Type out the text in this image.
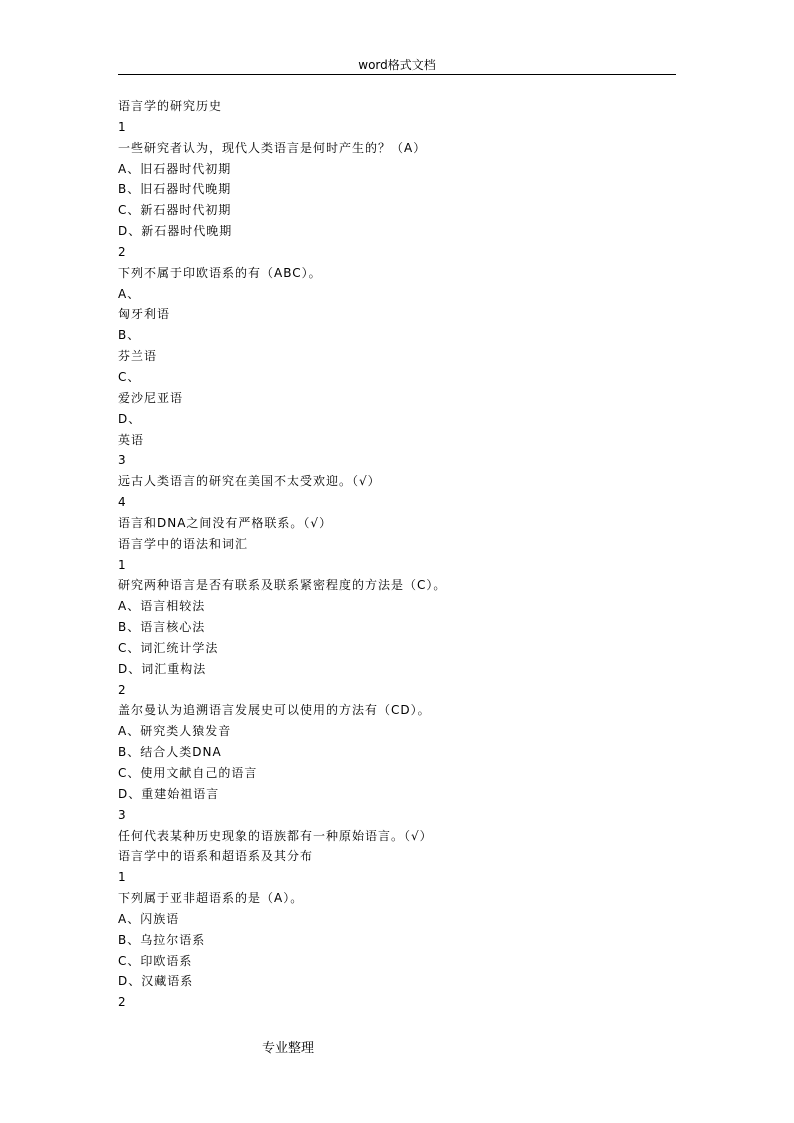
word格式文档
语言学的研究历史
1
一些研究者认为，现代人类语言是何时产生的？（A）
A、旧石器时代初期
B、旧石器时代晚期
C、新石器时代初期
D、新石器时代晚期
2
下列不属于印欧语系的有（ABC）。
A、
匈牙利语
B、
芬兰语
C、
爱沙尼亚语
D、
英语
3
远古人类语言的研究在美国不太受欢迎。（√）
4
语言和DNA之间没有严格联系。（√）
语言学中的语法和词汇
1
研究两种语言是否有联系及联系紧密程度的方法是（C）。
A、语言相较法
B、语言核心法
C、词汇统计学法
D、词汇重构法
2
盖尔曼认为追溯语言发展史可以使用的方法有（CD）。
A、研究类人猿发音
B、结合人类DNA
C、使用文献自己的语言
D、重建始祖语言
3
任何代表某种历史现象的语族都有一种原始语言。（√）
语言学中的语系和超语系及其分布
1
下列属于亚非超语系的是（A）。
A、闪族语
B、乌拉尔语系
C、印欧语系
D、汉藏语系
2
专业整理
